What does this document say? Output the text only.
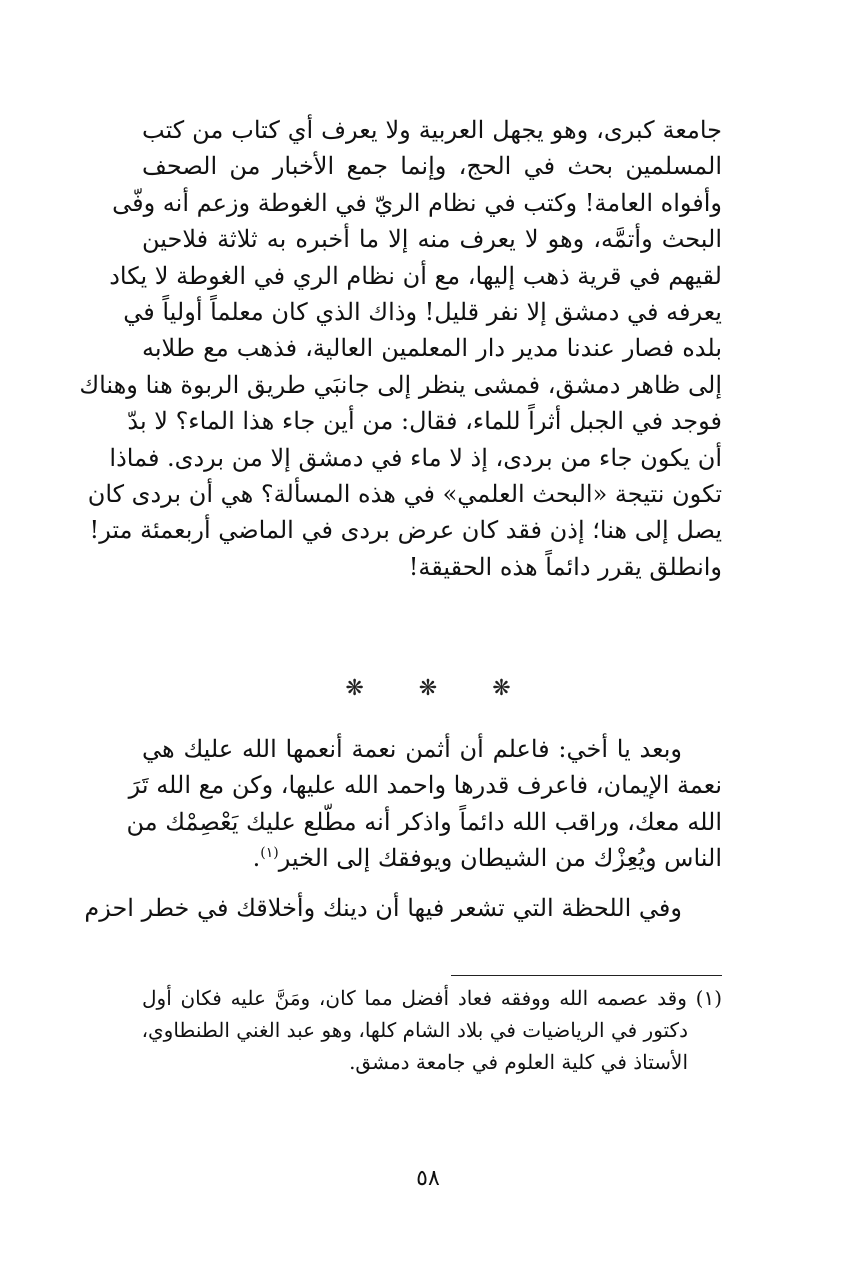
جامعة كبرى، وهو يجهل العربية ولا يعرف أي كتاب من كتب
المسلمين بحث في الحج، وإنما جمع الأخبار من الصحف
وأفواه العامة! وكتب في نظام الريّ في الغوطة وزعم أنه وفّى
البحث وأتمَّه، وهو لا يعرف منه إلا ما أخبره به ثلاثة فلاحين
لقيهم في قرية ذهب إليها، مع أن نظام الري في الغوطة لا يكاد
يعرفه في دمشق إلا نفر قليل! وذاك الذي كان معلماً أولياً في
بلده فصار عندنا مدير دار المعلمين العالية، فذهب مع طلابه
إلى ظاهر دمشق، فمشى ينظر إلى جانبَي طريق الربوة هنا وهناك
فوجد في الجبل أثراً للماء، فقال: من أين جاء هذا الماء؟ لا بدّ
أن يكون جاء من بردى، إذ لا ماء في دمشق إلا من بردى. فماذا
تكون نتيجة «البحث العلمي» في هذه المسألة؟ هي أن بردى كان
يصل إلى هنا؛ إذن فقد كان عرض بردى في الماضي أربعمئة متر!
وانطلق يقرر دائماً هذه الحقيقة!
❋ ❋ ❋
وبعد يا أخي: فاعلم أن أثمن نعمة أنعمها الله عليك هي
نعمة الإيمان، فاعرف قدرها واحمد الله عليها، وكن مع الله تَرَ
الله معك، وراقب الله دائماً واذكر أنه مطّلع عليك يَعْصِمْك من
الناس ويُعِزْك من الشيطان ويوفقك إلى الخير$^{(١)}$.
وفي اللحظة التي تشعر فيها أن دينك وأخلاقك في خطر احزم
(١) وقد عصمه الله ووفقه فعاد أفضل مما كان، ومَنَّ عليه فكان أول
دكتور في الرياضيات في بلاد الشام كلها، وهو عبد الغني الطنطاوي،
الأستاذ في كلية العلوم في جامعة دمشق.
٥٨
